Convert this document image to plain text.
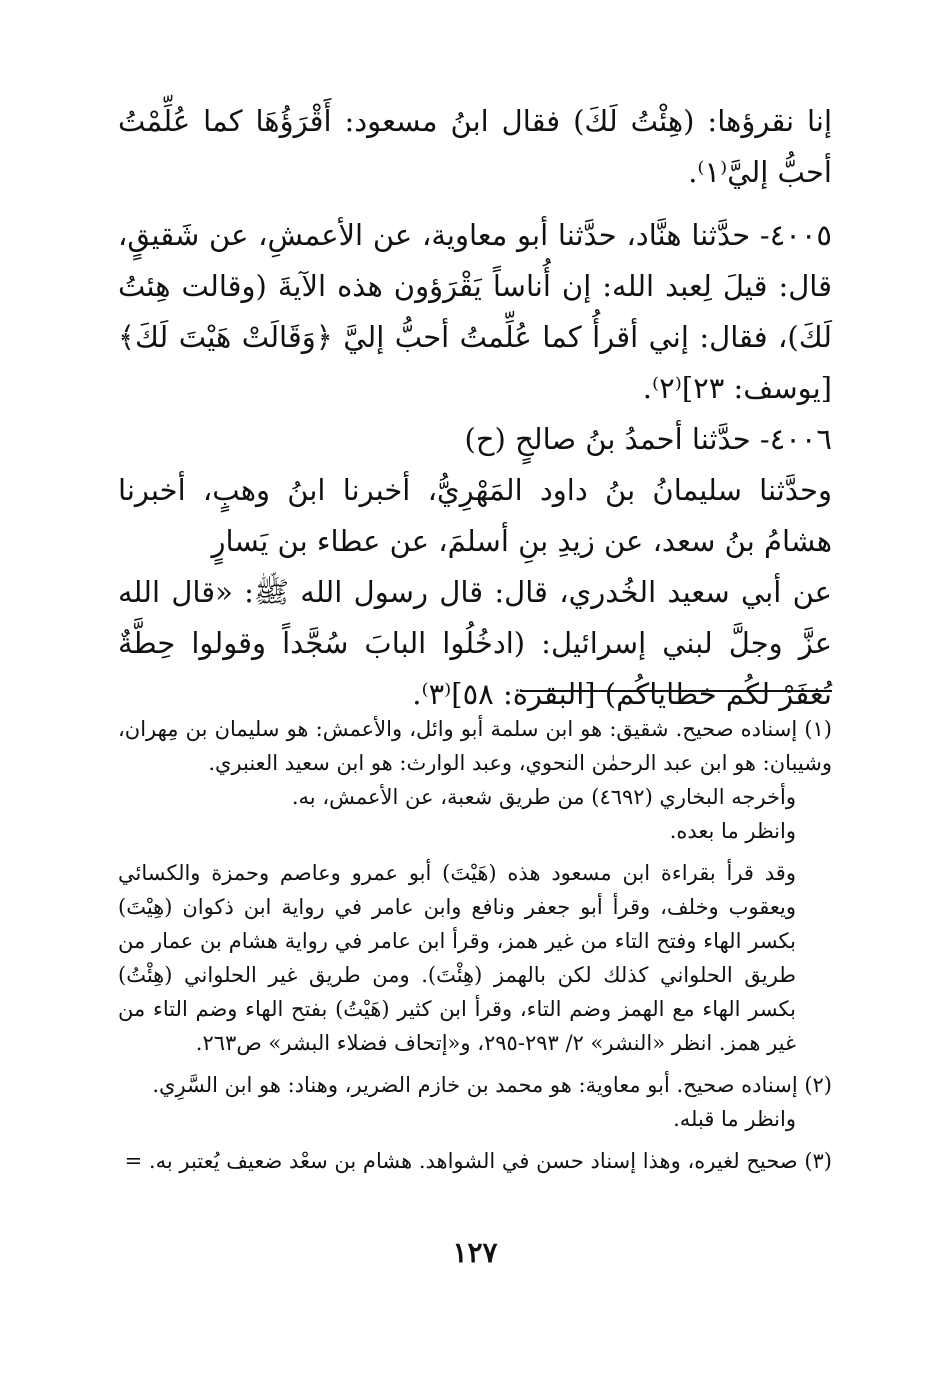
إنا نقرؤها: (هِئْتُ لَكَ) فقال ابنُ مسعود: أَقْرَؤُهَا كما عُلِّمْتُ أحبُّ إليَّ⁽١⁾.

٤٠٠٥- حدَّثنا هنَّاد، حدَّثنا أبو معاوية، عن الأعمشِ، عن شَقيقٍ، قال: قيلَ لِعبد الله: إن أُناساً يَقْرَؤون هذه الآيةَ (وقالت هِئتُ لَكَ)، فقال: إني أقرأُ كما عُلِّمتُ أحبُّ إليَّ ﴿وَقَالَتْ هَيْتَ لَكَ﴾ [يوسف: ٢٣]⁽٢⁾.

٤٠٠٦- حدَّثنا أحمدُ بنُ صالحٍ (ح)

وحدَّثنا سليمانُ بنُ داود المَهْرِيُّ، أخبرنا ابنُ وهبٍ، أخبرنا هشامُ بنُ سعد، عن زيدِ بنِ أسلمَ، عن عطاء بن يَسارٍ

عن أبي سعيد الخُدري، قال: قال رسول الله ﷺ: «قال الله عزَّ وجلَّ لبني إسرائيل: (ادخُلُوا البابَ سُجَّداً وقولوا حِطَّةٌ تُغفَرْ لكُم خطاياكُم) [البقرة: ٥٨]⁽٣⁾.

(١) إسناده صحيح. شقيق: هو ابن سلمة أبو وائل، والأعمش: هو سليمان بن مِهران، وشيبان: هو ابن عبد الرحمٰن النحوي، وعبد الوارث: هو ابن سعيد العنبري.

وأخرجه البخاري (٤٦٩٢) من طريق شعبة، عن الأعمش، به.

وانظر ما بعده.

وقد قرأ بقراءة ابن مسعود هذه (هَيْتَ) أبو عمرو وعاصم وحمزة والكسائي ويعقوب وخلف، وقرأ أبو جعفر ونافع وابن عامر في رواية ابن ذكوان (هِيْتَ) بكسر الهاء وفتح التاء من غير همز، وقرأ ابن عامر في رواية هشام بن عمار من طريق الحلواني كذلك لكن بالهمز (هِئْتَ). ومن طريق غير الحلواني (هِئْتُ) بكسر الهاء مع الهمز وضم التاء، وقرأ ابن كثير (هَيْتُ) بفتح الهاء وضم التاء من غير همز. انظر «النشر» ٢/ ٢٩٣-٢٩٥، و«إتحاف فضلاء البشر» ص٢٦٣.

(٢) إسناده صحيح. أبو معاوية: هو محمد بن خازم الضرير، وهناد: هو ابن السَّرِي.

وانظر ما قبله.

(٣) صحيح لغيره، وهذا إسناد حسن في الشواهد. هشام بن سعْد ضعيف يُعتبر به. =

١٢٧
